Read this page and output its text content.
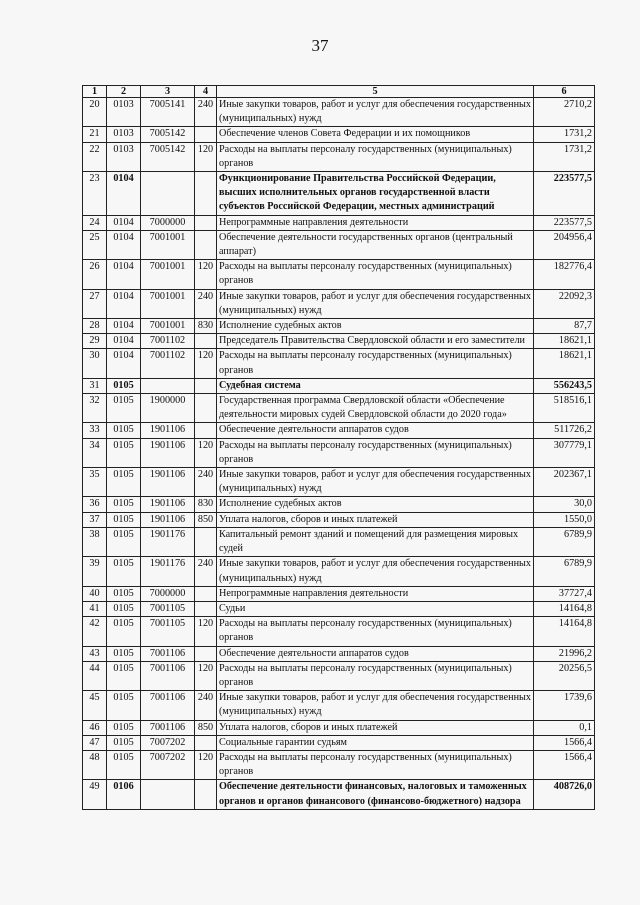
37
1	2	3	4	5	6
20	0103	7005141	240	Иные закупки товаров, работ и услуг для обеспечения государственных (муниципальных) нужд	2710,2
21	0103	7005142		Обеспечение членов Совета Федерации и их помощников	1731,2
22	0103	7005142	120	Расходы на выплаты персоналу государственных (муниципальных) органов	1731,2
23	0104			Функционирование Правительства Российской Федерации, высших исполнительных органов государственной власти субъектов Российской Федерации, местных администраций	223577,5
24	0104	7000000		Непрограммные направления деятельности	223577,5
25	0104	7001001		Обеспечение деятельности государственных органов (центральный аппарат)	204956,4
26	0104	7001001	120	Расходы на выплаты персоналу государственных (муниципальных) органов	182776,4
27	0104	7001001	240	Иные закупки товаров, работ и услуг для обеспечения государственных (муниципальных) нужд	22092,3
28	0104	7001001	830	Исполнение судебных актов	87,7
29	0104	7001102		Председатель Правительства Свердловской области и его заместители	18621,1
30	0104	7001102	120	Расходы на выплаты персоналу государственных (муниципальных) органов	18621,1
31	0105			Судебная система	556243,5
32	0105	1900000		Государственная программа Свердловской области «Обеспечение деятельности мировых судей Свердловской области до 2020 года»	518516,1
33	0105	1901106		Обеспечение деятельности аппаратов судов	511726,2
34	0105	1901106	120	Расходы на выплаты персоналу государственных (муниципальных) органов	307779,1
35	0105	1901106	240	Иные закупки товаров, работ и услуг для обеспечения государственных (муниципальных) нужд	202367,1
36	0105	1901106	830	Исполнение судебных актов	30,0
37	0105	1901106	850	Уплата налогов, сборов и иных платежей	1550,0
38	0105	1901176		Капитальный ремонт зданий и помещений для размещения мировых судей	6789,9
39	0105	1901176	240	Иные закупки товаров, работ и услуг для обеспечения государственных (муниципальных) нужд	6789,9
40	0105	7000000		Непрограммные направления деятельности	37727,4
41	0105	7001105		Судьи	14164,8
42	0105	7001105	120	Расходы на выплаты персоналу государственных (муниципальных) органов	14164,8
43	0105	7001106		Обеспечение деятельности аппаратов судов	21996,2
44	0105	7001106	120	Расходы на выплаты персоналу государственных (муниципальных) органов	20256,5
45	0105	7001106	240	Иные закупки товаров, работ и услуг для обеспечения государственных (муниципальных) нужд	1739,6
46	0105	7001106	850	Уплата налогов, сборов и иных платежей	0,1
47	0105	7007202		Социальные гарантии судьям	1566,4
48	0105	7007202	120	Расходы на выплаты персоналу государственных (муниципальных) органов	1566,4
49	0106			Обеспечение деятельности финансовых, налоговых и таможенных органов и органов финансового (финансово-бюджетного) надзора	408726,0
